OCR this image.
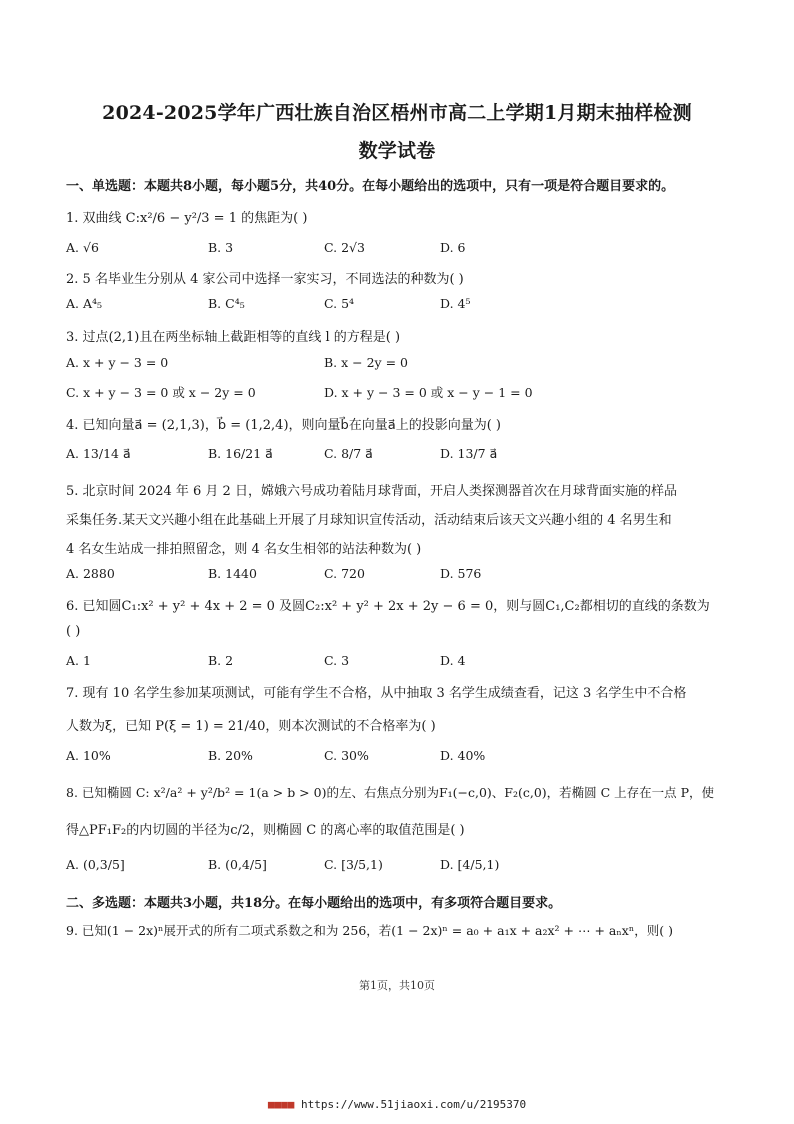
2024-2025学年广西壮族自治区梧州市高二上学期1月期末抽样检测
数学试卷
一、单选题：本题共8小题，每小题5分，共40分。在每小题给出的选项中，只有一项是符合题目要求的。
1. 双曲线 C:x²/6 − y²/3 = 1 的焦距为( )
A. √6	B. 3	C. 2√3	D. 6
2. 5 名毕业生分别从 4 家公司中选择一家实习，不同选法的种数为( )
A. A⁴₅	B. C⁴₅	C. 5⁴	D. 4⁵
3. 过点(2,1)且在两坐标轴上截距相等的直线 l 的方程是( )
A. x + y − 3 = 0	B. x − 2y = 0
C. x + y − 3 = 0 或 x − 2y = 0	D. x + y − 3 = 0 或 x − y − 1 = 0
4. 已知向量a⃗ = (2,1,3)，b⃗ = (1,2,4)，则向量b⃗在向量a⃗上的投影向量为( )
A. 13/14 a⃗	B. 16/21 a⃗	C. 8/7 a⃗	D. 13/7 a⃗
5. 北京时间 2024 年 6 月 2 日，嫦娥六号成功着陆月球背面，开启人类探测器首次在月球背面实施的样品
采集任务.某天文兴趣小组在此基础上开展了月球知识宣传活动，活动结束后该天文兴趣小组的 4 名男生和
4 名女生站成一排拍照留念，则 4 名女生相邻的站法种数为( )
A. 2880	B. 1440	C. 720	D. 576
6. 已知圆C₁:x² + y² + 4x + 2 = 0 及圆C₂:x² + y² + 2x + 2y − 6 = 0，则与圆C₁,C₂都相切的直线的条数为
( )
A. 1	B. 2	C. 3	D. 4
7. 现有 10 名学生参加某项测试，可能有学生不合格，从中抽取 3 名学生成绩查看，记这 3 名学生中不合格
人数为ξ，已知 P(ξ = 1) = 21/40，则本次测试的不合格率为( )
A. 10%	B. 20%	C. 30%	D. 40%
8. 已知椭圆 C: x²/a² + y²/b² = 1(a > b > 0)的左、右焦点分别为F₁(−c,0)、F₂(c,0)，若椭圆 C 上存在一点 P，使
得△PF₁F₂的内切圆的半径为c/2，则椭圆 C 的离心率的取值范围是( )
A. (0,3/5]	B. (0,4/5]	C. [3/5,1)	D. [4/5,1)
二、多选题：本题共3小题，共18分。在每小题给出的选项中，有多项符合题目要求。
9. 已知(1 − 2x)ⁿ展开式的所有二项式系数之和为 256，若(1 − 2x)ⁿ = a₀ + a₁x + a₂x² + ⋯ + aₙxⁿ，则( )
第1页，共10页
■■■■ https://www.51jiaoxi.com/u/2195370
